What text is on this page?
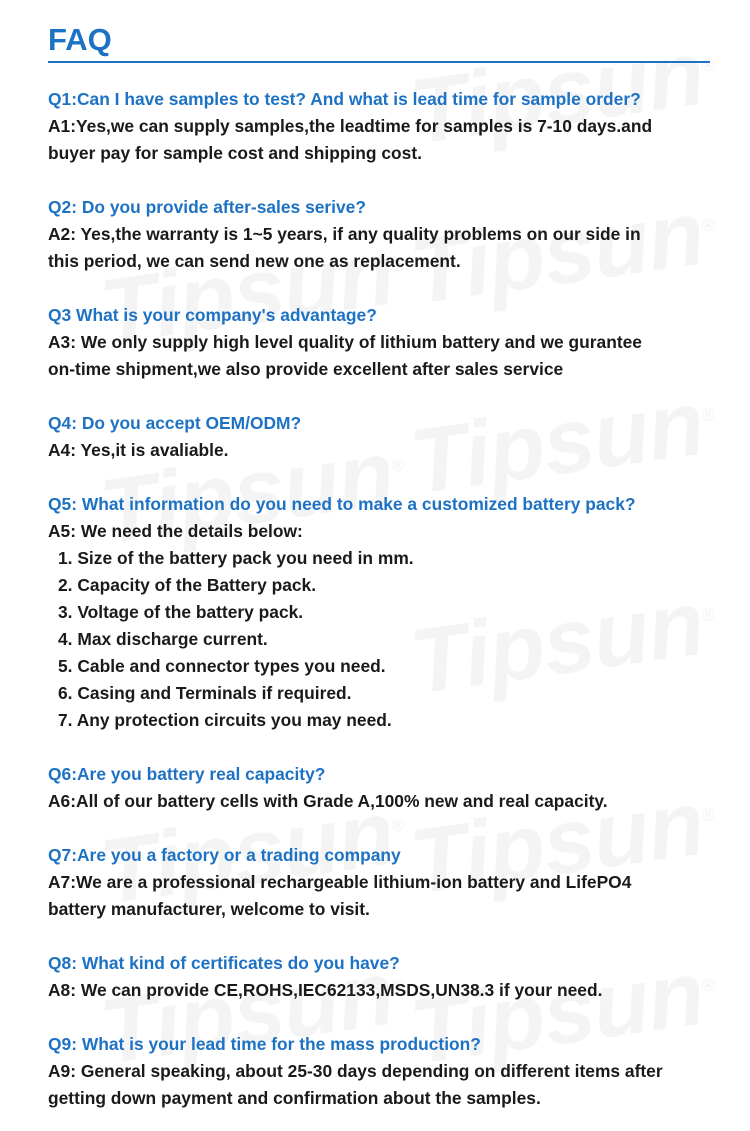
FAQ
Q1:Can I have samples to test? And what is lead time for sample order?
A1:Yes,we can supply samples,the leadtime for samples is 7-10 days.and
buyer pay for sample cost and shipping cost.
Q2: Do you provide after-sales serive?
A2: Yes,the warranty is 1~5 years, if any quality problems on our side in
this period, we can send new one as replacement.
Q3 What is your company's advantage?
A3: We only supply high level quality of lithium battery and we gurantee
on-time shipment,we also provide excellent after sales service
Q4: Do you accept OEM/ODM?
A4: Yes,it is avaliable.
Q5: What information do you need to make a customized battery pack?
A5: We need the details below:
1. Size of the battery pack you need in mm.
2. Capacity of the Battery pack.
3. Voltage of the battery pack.
4. Max discharge current.
5. Cable and connector types you need.
6. Casing and Terminals if required.
7. Any protection circuits you may need.
Q6:Are you battery real capacity?
A6:All of our battery cells with Grade A,100% new and real capacity.
Q7:Are you a factory or a trading company
A7:We are a professional rechargeable lithium-ion battery and LifePO4
battery manufacturer, welcome to visit.
Q8: What kind of certificates do you have?
A8: We can provide CE,ROHS,IEC62133,MSDS,UN38.3 if your need.
Q9: What is your lead time for the mass production?
A9: General speaking, about 25-30 days depending on different items after
getting down payment and confirmation about the samples.
